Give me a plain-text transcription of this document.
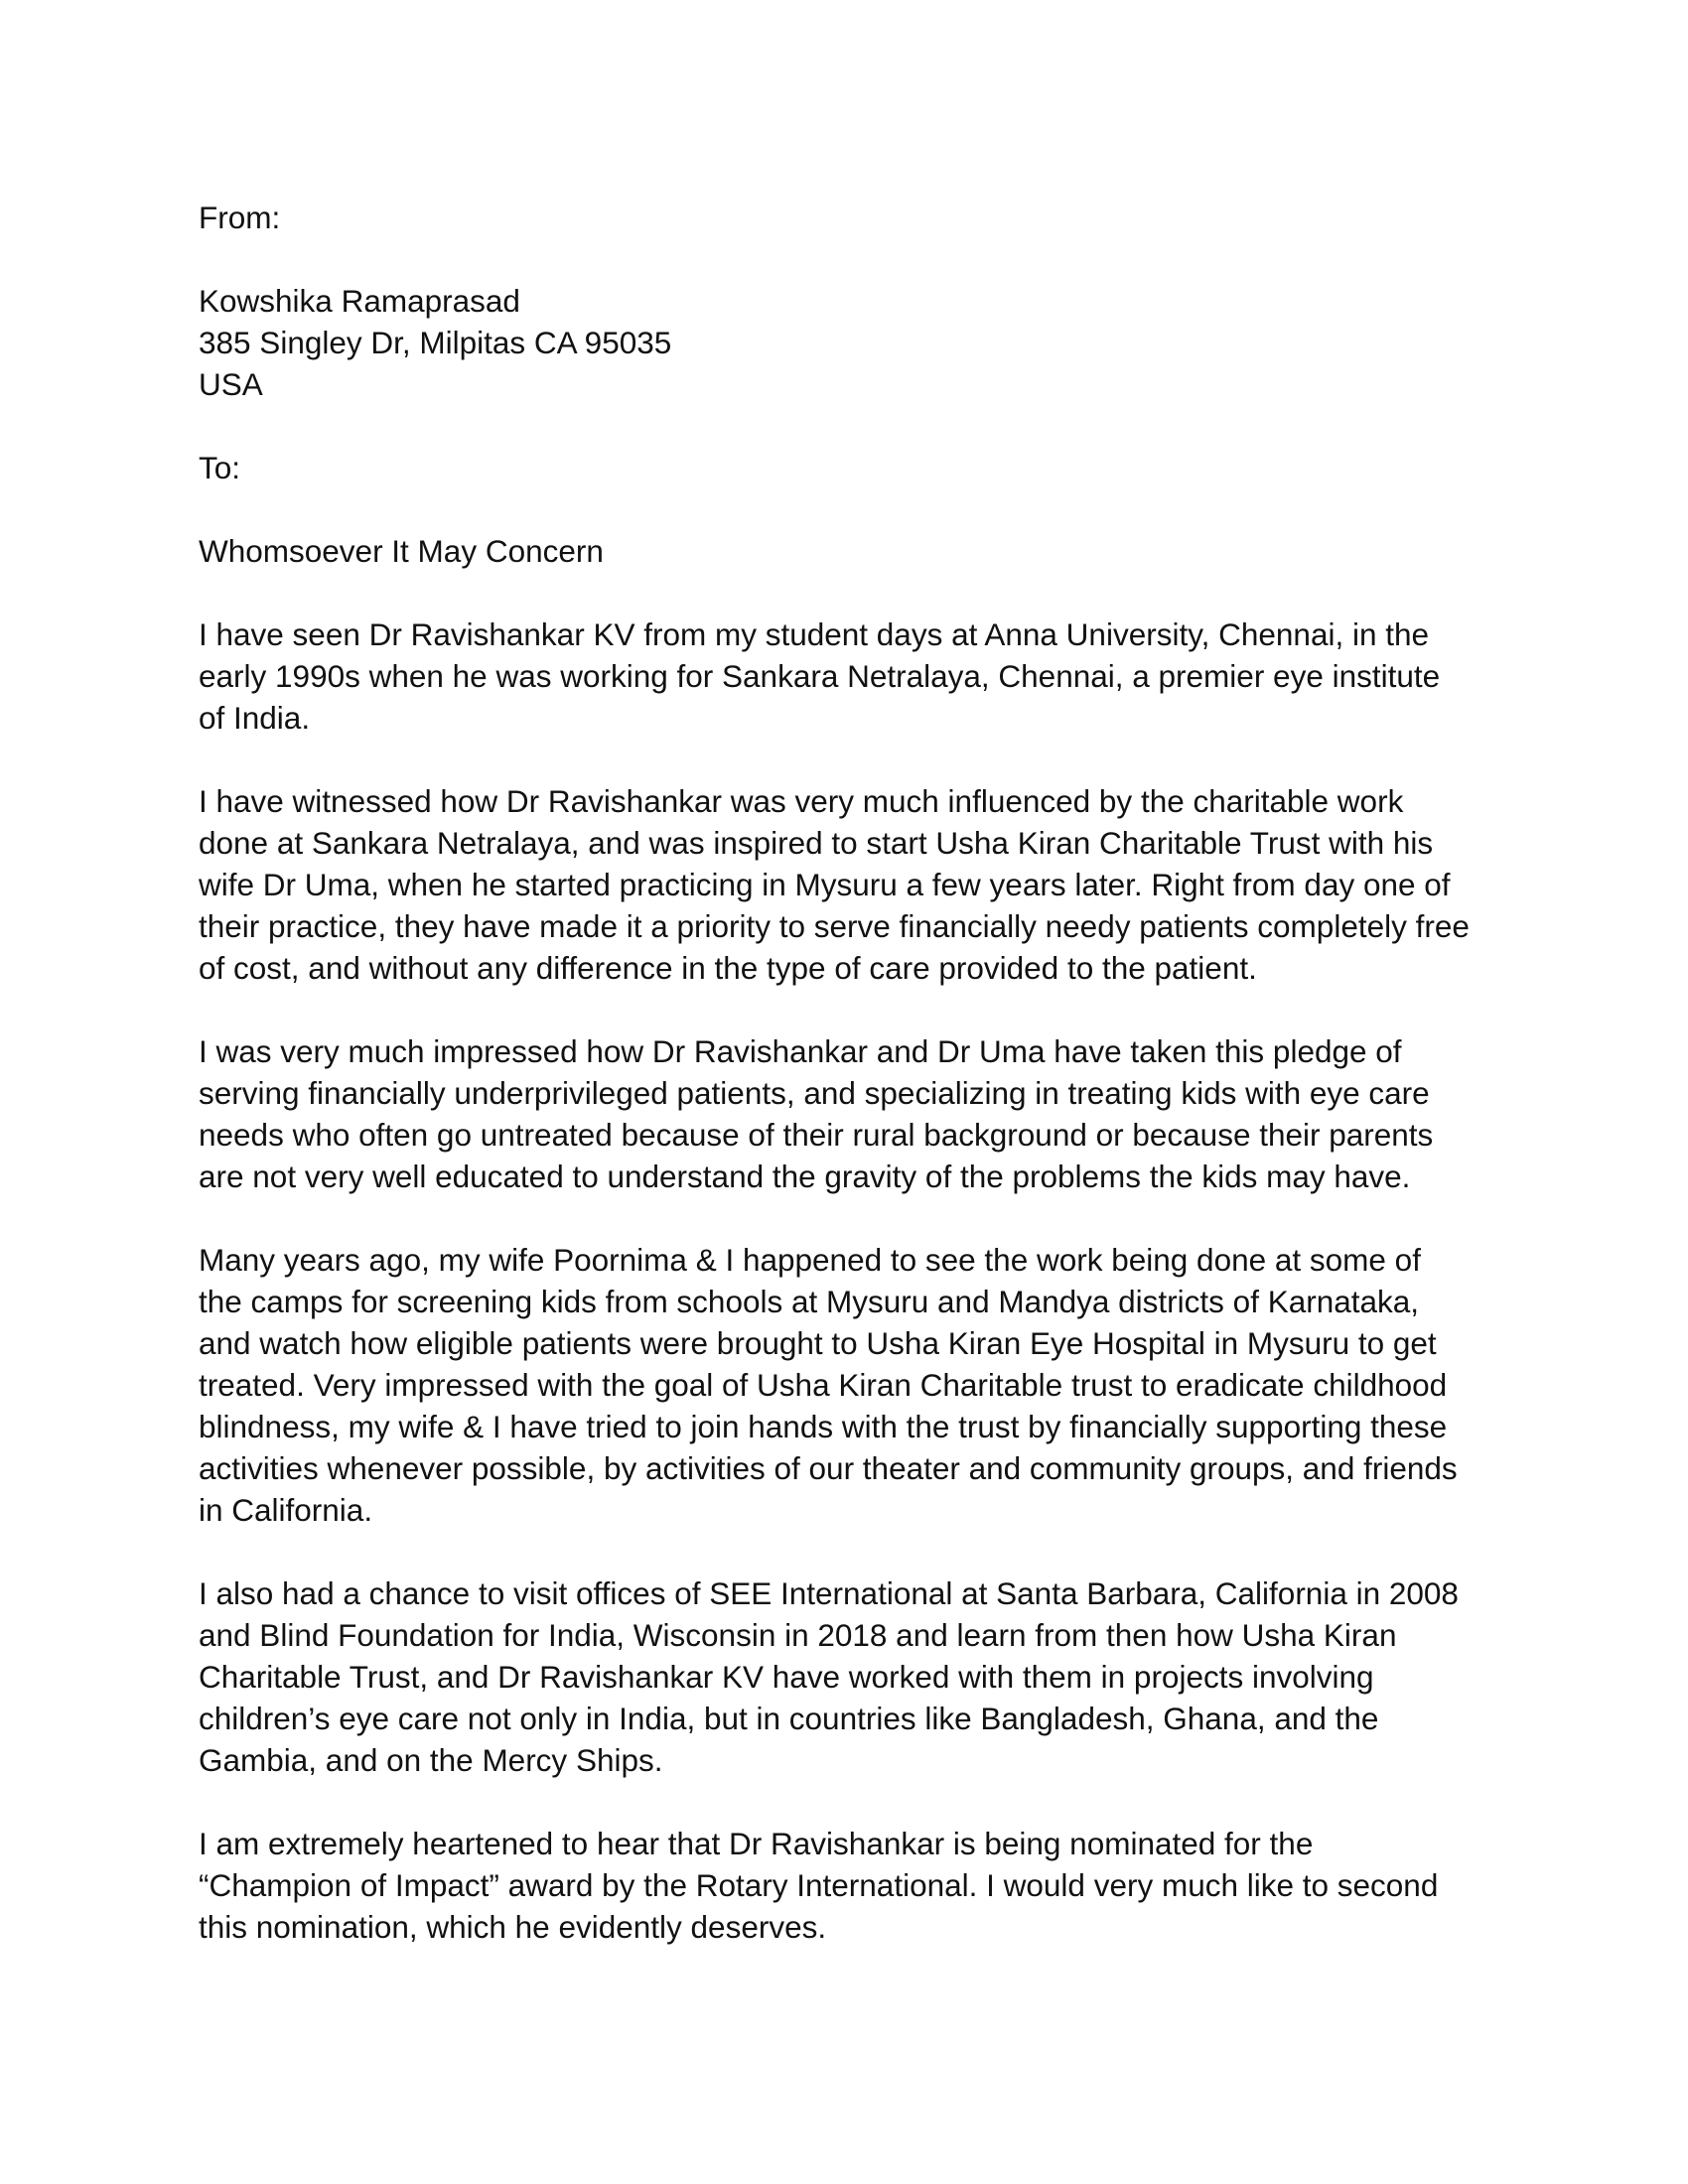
From:
Kowshika Ramaprasad
385 Singley Dr, Milpitas CA 95035
USA
To:
Whomsoever It May Concern
I have seen Dr Ravishankar KV from my student days at Anna University, Chennai, in the
early 1990s when he was working for Sankara Netralaya, Chennai, a premier eye institute
of India.
I have witnessed how Dr Ravishankar was very much influenced by the charitable work
done at Sankara Netralaya, and was inspired to start Usha Kiran Charitable Trust with his
wife Dr Uma, when he started practicing in Mysuru a few years later. Right from day one of
their practice, they have made it a priority to serve financially needy patients completely free
of cost, and without any difference in the type of care provided to the patient.
I was very much impressed how Dr Ravishankar and Dr Uma have taken this pledge of
serving financially underprivileged patients, and specializing in treating kids with eye care
needs who often go untreated because of their rural background or because their parents
are not very well educated to understand the gravity of the problems the kids may have.
Many years ago, my wife Poornima & I happened to see the work being done at some of
the camps for screening kids from schools at Mysuru and Mandya districts of Karnataka,
and watch how eligible patients were brought to Usha Kiran Eye Hospital in Mysuru to get
treated. Very impressed with the goal of Usha Kiran Charitable trust to eradicate childhood
blindness, my wife & I have tried to join hands with the trust by financially supporting these
activities whenever possible, by activities of our theater and community groups, and friends
in California.
I also had a chance to visit offices of SEE International at Santa Barbara, California in 2008
and Blind Foundation for India, Wisconsin in 2018 and learn from then how Usha Kiran
Charitable Trust, and Dr Ravishankar KV have worked with them in projects involving
children’s eye care not only in India, but in countries like Bangladesh, Ghana, and the
Gambia, and on the Mercy Ships.
I am extremely heartened to hear that Dr Ravishankar is being nominated for the
“Champion of Impact” award by the Rotary International. I would very much like to second
this nomination, which he evidently deserves.
